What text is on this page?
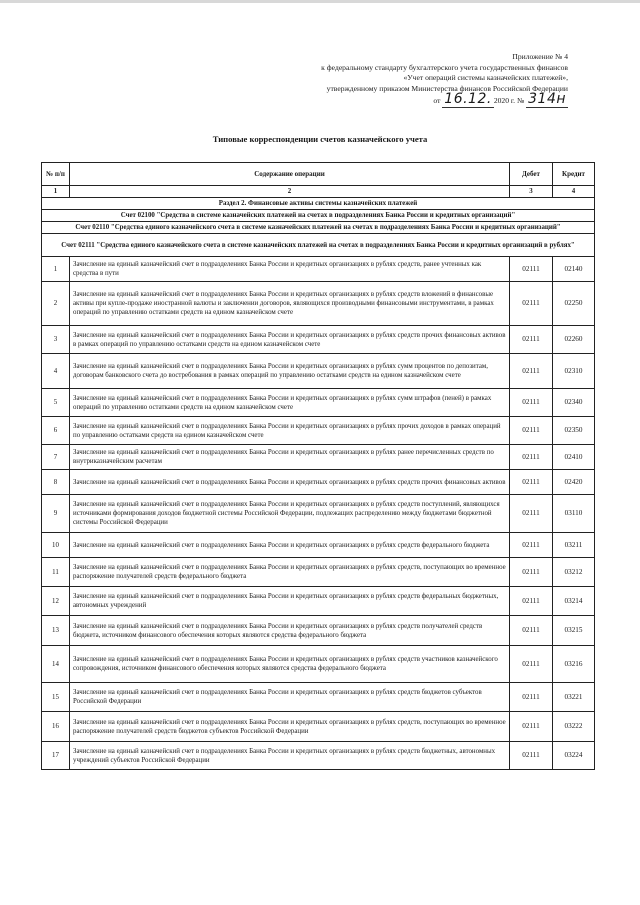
Приложение № 4
к федеральному стандарту бухгалтерского учета государственных финансов
«Учет операций системы казначейских платежей»,
утвержденному приказом Министерства финансов Российской Федерации
от 16.12. 2020 г. № 314н
Типовые корреспонденции счетов казначейского учета
№ п/п	Содержание операции	Дебет	Кредит
1	2	3	4
Раздел 2. Финансовые активы системы казначейских платежей			
Счет 02100 "Средства в системе казначейских платежей на счетах в подразделениях Банка России и кредитных организаций"			
Счет 02110 "Средства единого казначейского счета в системе казначейских платежей на счетах в подразделениях Банка России и кредитных организаций"			
Счет 02111 "Средства единого казначейского счета в системе казначейских платежей на счетах в подразделениях Банка России и кредитных организаций в рублях"			
1	Зачисление на единый казначейский счет в подразделениях Банка России и кредитных организациях в рублях средств, ранее учтенных как средства в пути	02111	02140
2	Зачисление на единый казначейский счет в подразделениях Банка России и кредитных организациях в рублях средств вложений в финансовые активы при купле-продаже иностранной валюты и заключении договоров, являющихся производными финансовыми инструментами, в рамках операций по управлению остатками средств на едином казначейском счете	02111	02250
3	Зачисление на единый казначейский счет в подразделениях Банка России и кредитных организациях в рублях средств прочих финансовых активов в рамках операций по управлению остатками средств на едином казначейском счете	02111	02260
4	Зачисление на единый казначейский счет в подразделениях Банка России и кредитных организациях в рублях сумм процентов по депозитам, договорам банковского счета до востребования в рамках операций по управлению остатками средств на едином казначейском счете	02111	02310
5	Зачисление на единый казначейский счет в подразделениях Банка России и кредитных организациях в рублях сумм штрафов (пеней) в рамках операций по управлению остатками средств на едином казначейском счете	02111	02340
6	Зачисление на единый казначейский счет в подразделениях Банка России и кредитных организациях в рублях прочих доходов в рамках операций по управлению остатками средств на едином казначейском счете	02111	02350
7	Зачисление на единый казначейский счет в подразделениях Банка России и кредитных организациях в рублях ранее перечисленных средств по внутриказначейским расчетам	02111	02410
8	Зачисление на единый казначейский счет в подразделениях Банка России и кредитных организациях в рублях средств прочих финансовых активов	02111	02420
9	Зачисление на единый казначейский счет в подразделениях Банка России и кредитных организациях в рублях средств поступлений, являющихся источниками формирования доходов бюджетной системы Российской Федерации, подлежащих распределению между бюджетами бюджетной системы Российской Федерации	02111	03110
10	Зачисление на единый казначейский счет в подразделениях Банка России и кредитных организациях в рублях средств федерального бюджета	02111	03211
11	Зачисление на единый казначейский счет в подразделениях Банка России и кредитных организациях в рублях средств, поступающих во временное распоряжение получателей средств федерального бюджета	02111	03212
12	Зачисление на единый казначейский счет в подразделениях Банка России и кредитных организациях в рублях средств федеральных бюджетных, автономных учреждений	02111	03214
13	Зачисление на единый казначейский счет в подразделениях Банка России и кредитных организациях в рублях средств получателей средств бюджета, источником финансового обеспечения которых являются средства федерального бюджета	02111	03215
14	Зачисление на единый казначейский счет в подразделениях Банка России и кредитных организациях в рублях средств участников казначейского сопровождения, источником финансового обеспечения которых являются средства федерального бюджета	02111	03216
15	Зачисление на единый казначейский счет в подразделениях Банка России и кредитных организациях в рублях средств бюджетов субъектов Российской Федерации	02111	03221
16	Зачисление на единый казначейский счет в подразделениях Банка России и кредитных организациях в рублях средств, поступающих во временное распоряжение получателей средств бюджетов субъектов Российской Федерации	02111	03222
17	Зачисление на единый казначейский счет в подразделениях Банка России и кредитных организациях в рублях средств бюджетных, автономных учреждений субъектов Российской Федерации	02111	03224
